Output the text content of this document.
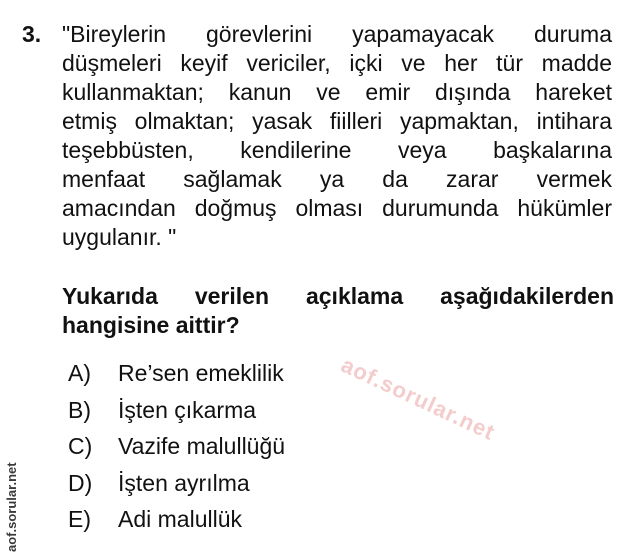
3. "Bireylerin görevlerini yapamayacak duruma
düşmeleri keyif vericiler, içki ve her tür madde
kullanmaktan; kanun ve emir dışında hareket
etmiş olmaktan; yasak fiilleri yapmaktan, intihara
teşebbüsten, kendilerine veya başkalarına
menfaat sağlamak ya da zarar vermek
amacından doğmuş olması durumunda hükümler
uygulanır. "
Yukarıda verilen açıklama aşağıdakilerden
hangisine aittir?
aof.sorular.net
A)	Re’sen emeklilik
B)	İşten çıkarma
C)	Vazife malullüğü
D)	İşten ayrılma
E)	Adi malullük
aof.sorular.net
